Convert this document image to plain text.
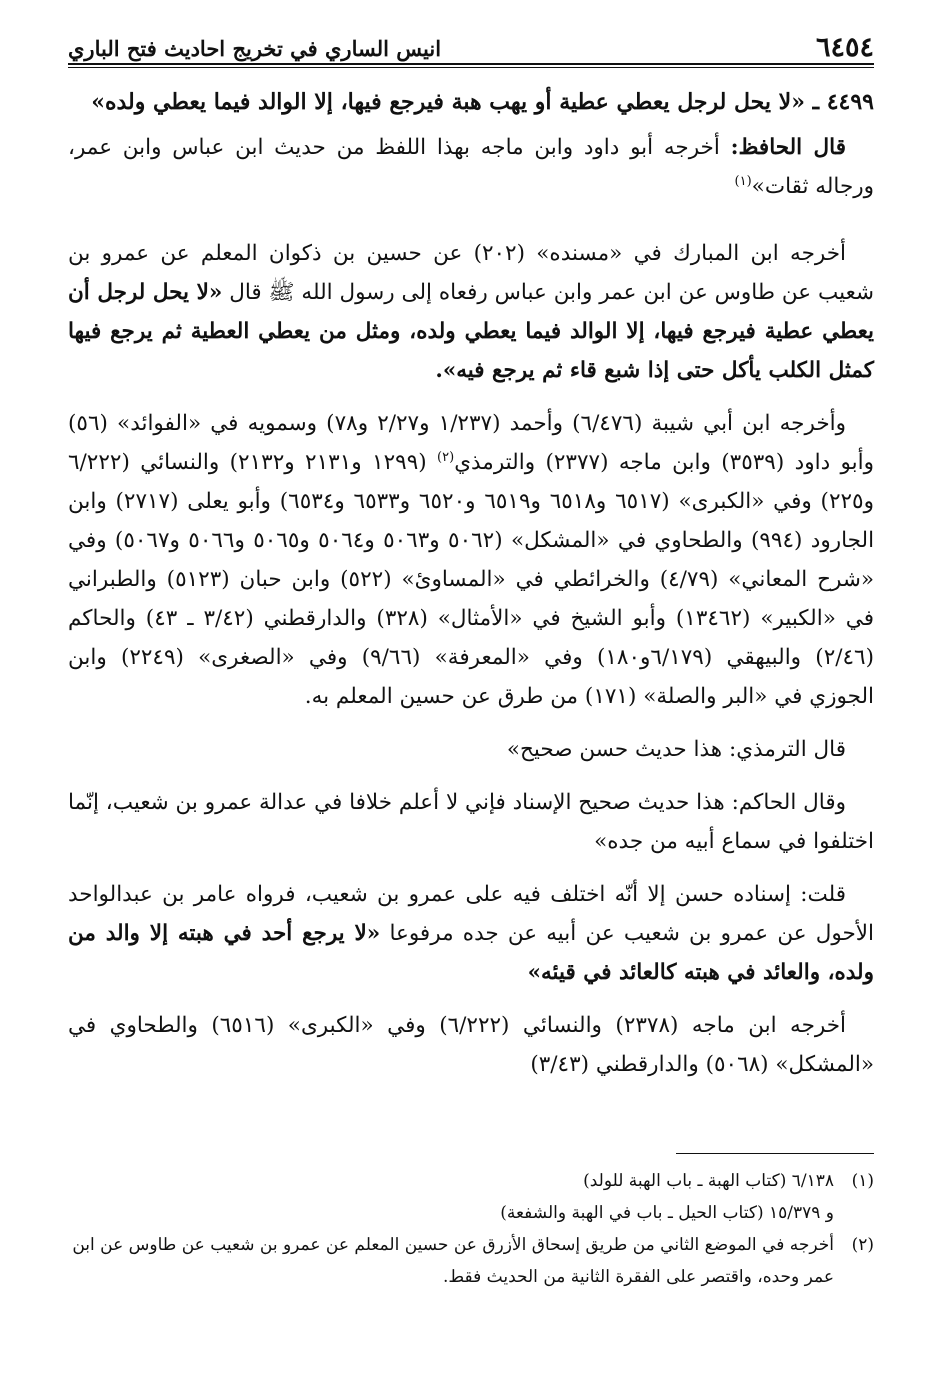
٦٤٥٤
انيس الساري في تخريج احاديث فتح الباري

٤٤٩٩ ـ «لا يحل لرجل يعطي عطية أو يهب هبة فيرجع فيها، إلا الوالد فيما يعطي ولده»

قال الحافظ: أخرجه أبو داود وابن ماجه بهذا اللفظ من حديث ابن عباس وابن عمر، ورجاله ثقات»$^{(١)}$

أخرجه ابن المبارك في «مسنده» (٢٠٢) عن حسين بن ذكوان المعلم عن عمرو بن شعيب عن طاوس عن ابن عمر وابن عباس رفعاه إلى رسول الله ﷺ قال «لا يحل لرجل أن يعطي عطية فيرجع فيها، إلا الوالد فيما يعطي ولده، ومثل من يعطي العطية ثم يرجع فيها كمثل الكلب يأكل حتى إذا شبع قاء ثم يرجع فيه».

وأخرجه ابن أبي شيبة (٦/٤٧٦) وأحمد (١/٢٣٧ و٢/٢٧ و٧٨) وسمويه في «الفوائد» (٥٦) وأبو داود (٣٥٣٩) وابن ماجه (٢٣٧٧) والترمذي$^{(٢)}$ (١٢٩٩ و٢١٣١ و٢١٣٢) والنسائي (٦/٢٢٢ و٢٢٥) وفي «الكبرى» (٦٥١٧ و٦٥١٨ و٦٥١٩ و٦٥٢٠ و٦٥٣٣ و٦٥٣٤) وأبو يعلى (٢٧١٧) وابن الجارود (٩٩٤) والطحاوي في «المشكل» (٥٠٦٢ و٥٠٦٣ و٥٠٦٤ و٥٠٦٥ و٥٠٦٦ و٥٠٦٧) وفي «شرح المعاني» (٤/٧٩) والخرائطي في «المساوئ» (٥٢٢) وابن حبان (٥١٢٣) والطبراني في «الكبير» (١٣٤٦٢) وأبو الشيخ في «الأمثال» (٣٢٨) والدارقطني (٣/٤٢ ـ ٤٣) والحاكم (٢/٤٦) والبيهقي (٦/١٧٩و١٨٠) وفي «المعرفة» (٩/٦٦) وفي «الصغرى» (٢٢٤٩) وابن الجوزي في «البر والصلة» (١٧١) من طرق عن حسين المعلم به.

قال الترمذي: هذا حديث حسن صحيح»

وقال الحاكم: هذا حديث صحيح الإسناد فإني لا أعلم خلافا في عدالة عمرو بن شعيب، إنّما اختلفوا في سماع أبيه من جده»

قلت: إسناده حسن إلا أنّه اختلف فيه على عمرو بن شعيب، فرواه عامر بن عبدالواحد الأحول عن عمرو بن شعيب عن أبيه عن جده مرفوعا «لا يرجع أحد في هبته إلا والد من ولده، والعائد في هبته كالعائد في قيئه»

أخرجه ابن ماجه (٢٣٧٨) والنسائي (٦/٢٢٢) وفي «الكبرى» (٦٥١٦) والطحاوي في «المشكل» (٥٠٦٨) والدارقطني (٣/٤٣)

(١)
٦/١٣٨ (كتاب الهبة ـ باب الهبة للولد)
و ١٥/٣٧٩ (كتاب الحيل ـ باب في الهبة والشفعة)
(٢)
أخرجه في الموضع الثاني من طريق إسحاق الأزرق عن حسين المعلم عن عمرو بن شعيب عن طاوس عن ابن عمر وحده، واقتصر على الفقرة الثانية من الحديث فقط.
